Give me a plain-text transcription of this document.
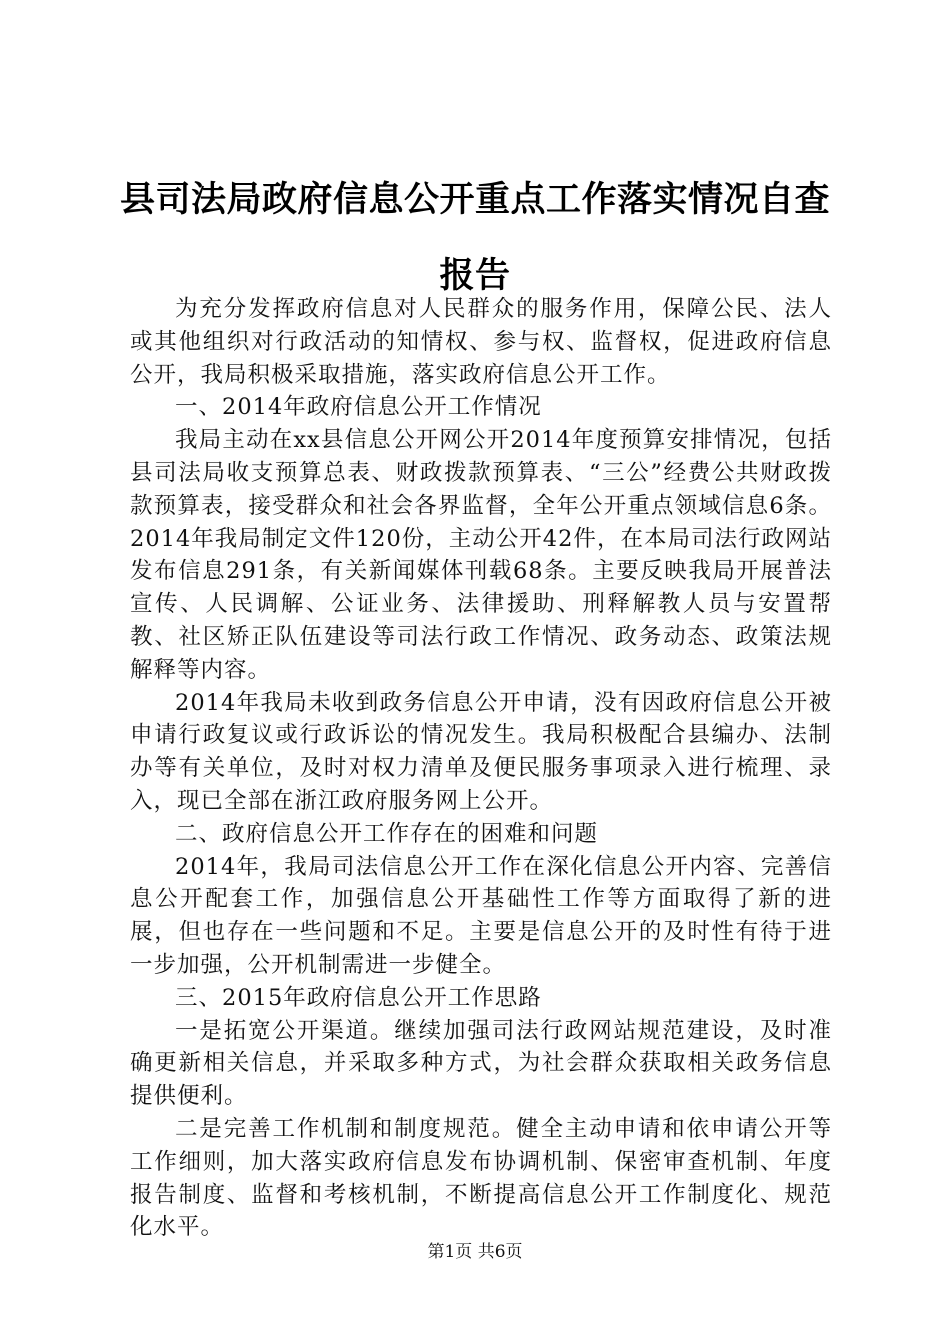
县司法局政府信息公开重点工作落实情况自查报告

为充分发挥政府信息对人民群众的服务作用，保障公民、法人或其他组织对行政活动的知情权、参与权、监督权，促进政府信息公开，我局积极采取措施，落实政府信息公开工作。

一、2014年政府信息公开工作情况

我局主动在xx县信息公开网公开2014年度预算安排情况，包括县司法局收支预算总表、财政拨款预算表、“三公”经费公共财政拨款预算表，接受群众和社会各界监督，全年公开重点领域信息6条。2014年我局制定文件120份，主动公开42件，在本局司法行政网站发布信息291条，有关新闻媒体刊载68条。主要反映我局开展普法宣传、人民调解、公证业务、法律援助、刑释解教人员与安置帮教、社区矫正队伍建设等司法行政工作情况、政务动态、政策法规解释等内容。

2014年我局未收到政务信息公开申请，没有因政府信息公开被申请行政复议或行政诉讼的情况发生。我局积极配合县编办、法制办等有关单位，及时对权力清单及便民服务事项录入进行梳理、录入，现已全部在浙江政府服务网上公开。

二、政府信息公开工作存在的困难和问题

2014年，我局司法信息公开工作在深化信息公开内容、完善信息公开配套工作，加强信息公开基础性工作等方面取得了新的进展，但也存在一些问题和不足。主要是信息公开的及时性有待于进一步加强，公开机制需进一步健全。

三、2015年政府信息公开工作思路

一是拓宽公开渠道。继续加强司法行政网站规范建设，及时准确更新相关信息，并采取多种方式，为社会群众获取相关政务信息提供便利。

二是完善工作机制和制度规范。健全主动申请和依申请公开等工作细则，加大落实政府信息发布协调机制、保密审查机制、年度报告制度、监督和考核机制，不断提高信息公开工作制度化、规范化水平。

第1页 共6页
